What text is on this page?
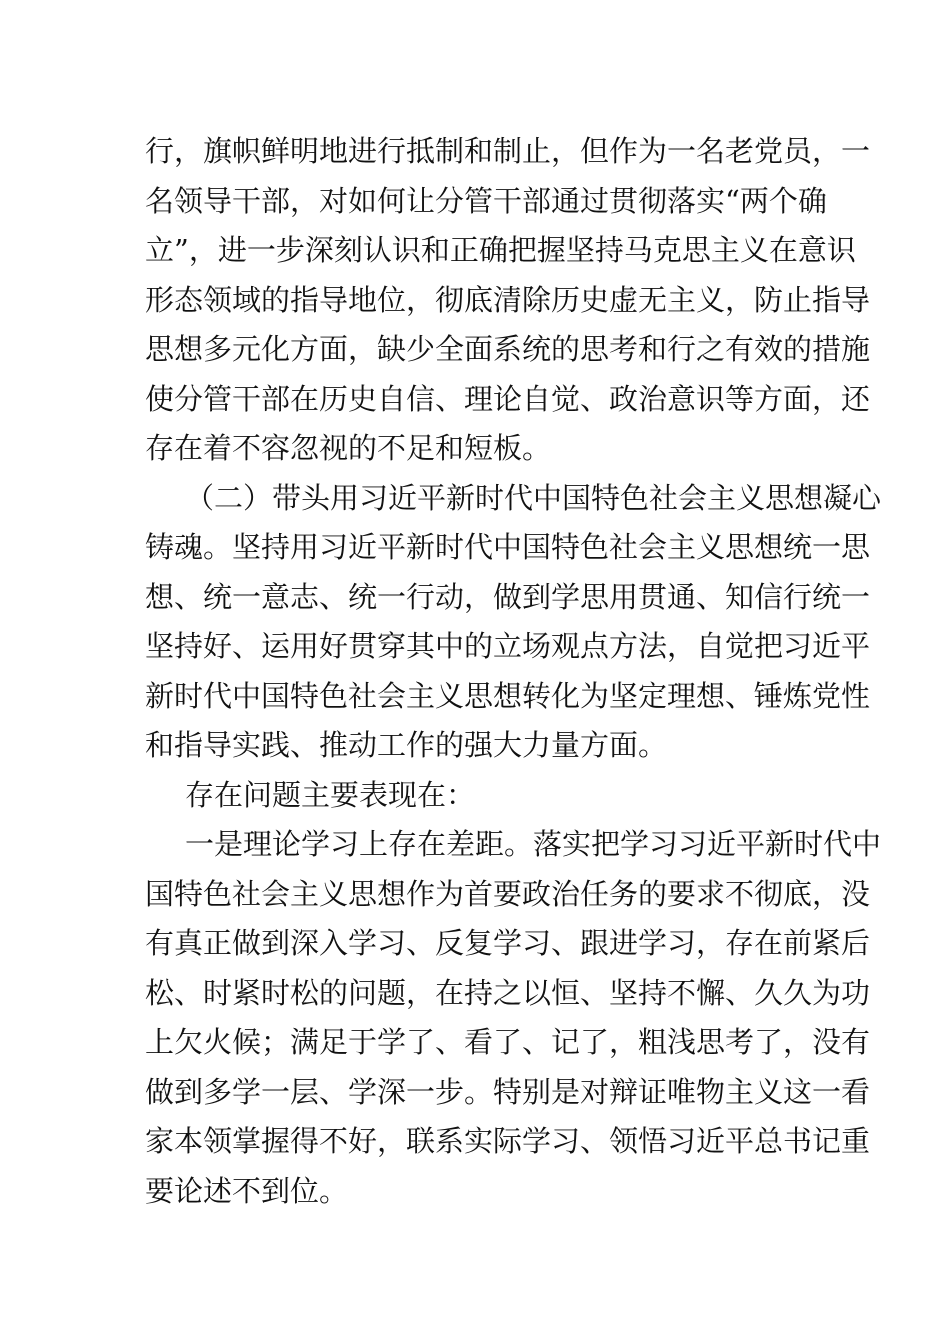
行，旗帜鲜明地进行抵制和制止，但作为一名老党员，一
名领导干部，对如何让分管干部通过贯彻落实“两个确
立”，进一步深刻认识和正确把握坚持马克思主义在意识
形态领域的指导地位，彻底清除历史虚无主义，防止指导
思想多元化方面，缺少全面系统的思考和行之有效的措施
使分管干部在历史自信、理论自觉、政治意识等方面，还
存在着不容忽视的不足和短板。
（二）带头用习近平新时代中国特色社会主义思想凝心
铸魂。坚持用习近平新时代中国特色社会主义思想统一思
想、统一意志、统一行动，做到学思用贯通、知信行统一
坚持好、运用好贯穿其中的立场观点方法，自觉把习近平
新时代中国特色社会主义思想转化为坚定理想、锤炼党性
和指导实践、推动工作的强大力量方面。
存在问题主要表现在：
一是理论学习上存在差距。落实把学习习近平新时代中
国特色社会主义思想作为首要政治任务的要求不彻底，没
有真正做到深入学习、反复学习、跟进学习，存在前紧后
松、时紧时松的问题，在持之以恒、坚持不懈、久久为功
上欠火候；满足于学了、看了、记了，粗浅思考了，没有
做到多学一层、学深一步。特别是对辩证唯物主义这一看
家本领掌握得不好，联系实际学习、领悟习近平总书记重
要论述不到位。
